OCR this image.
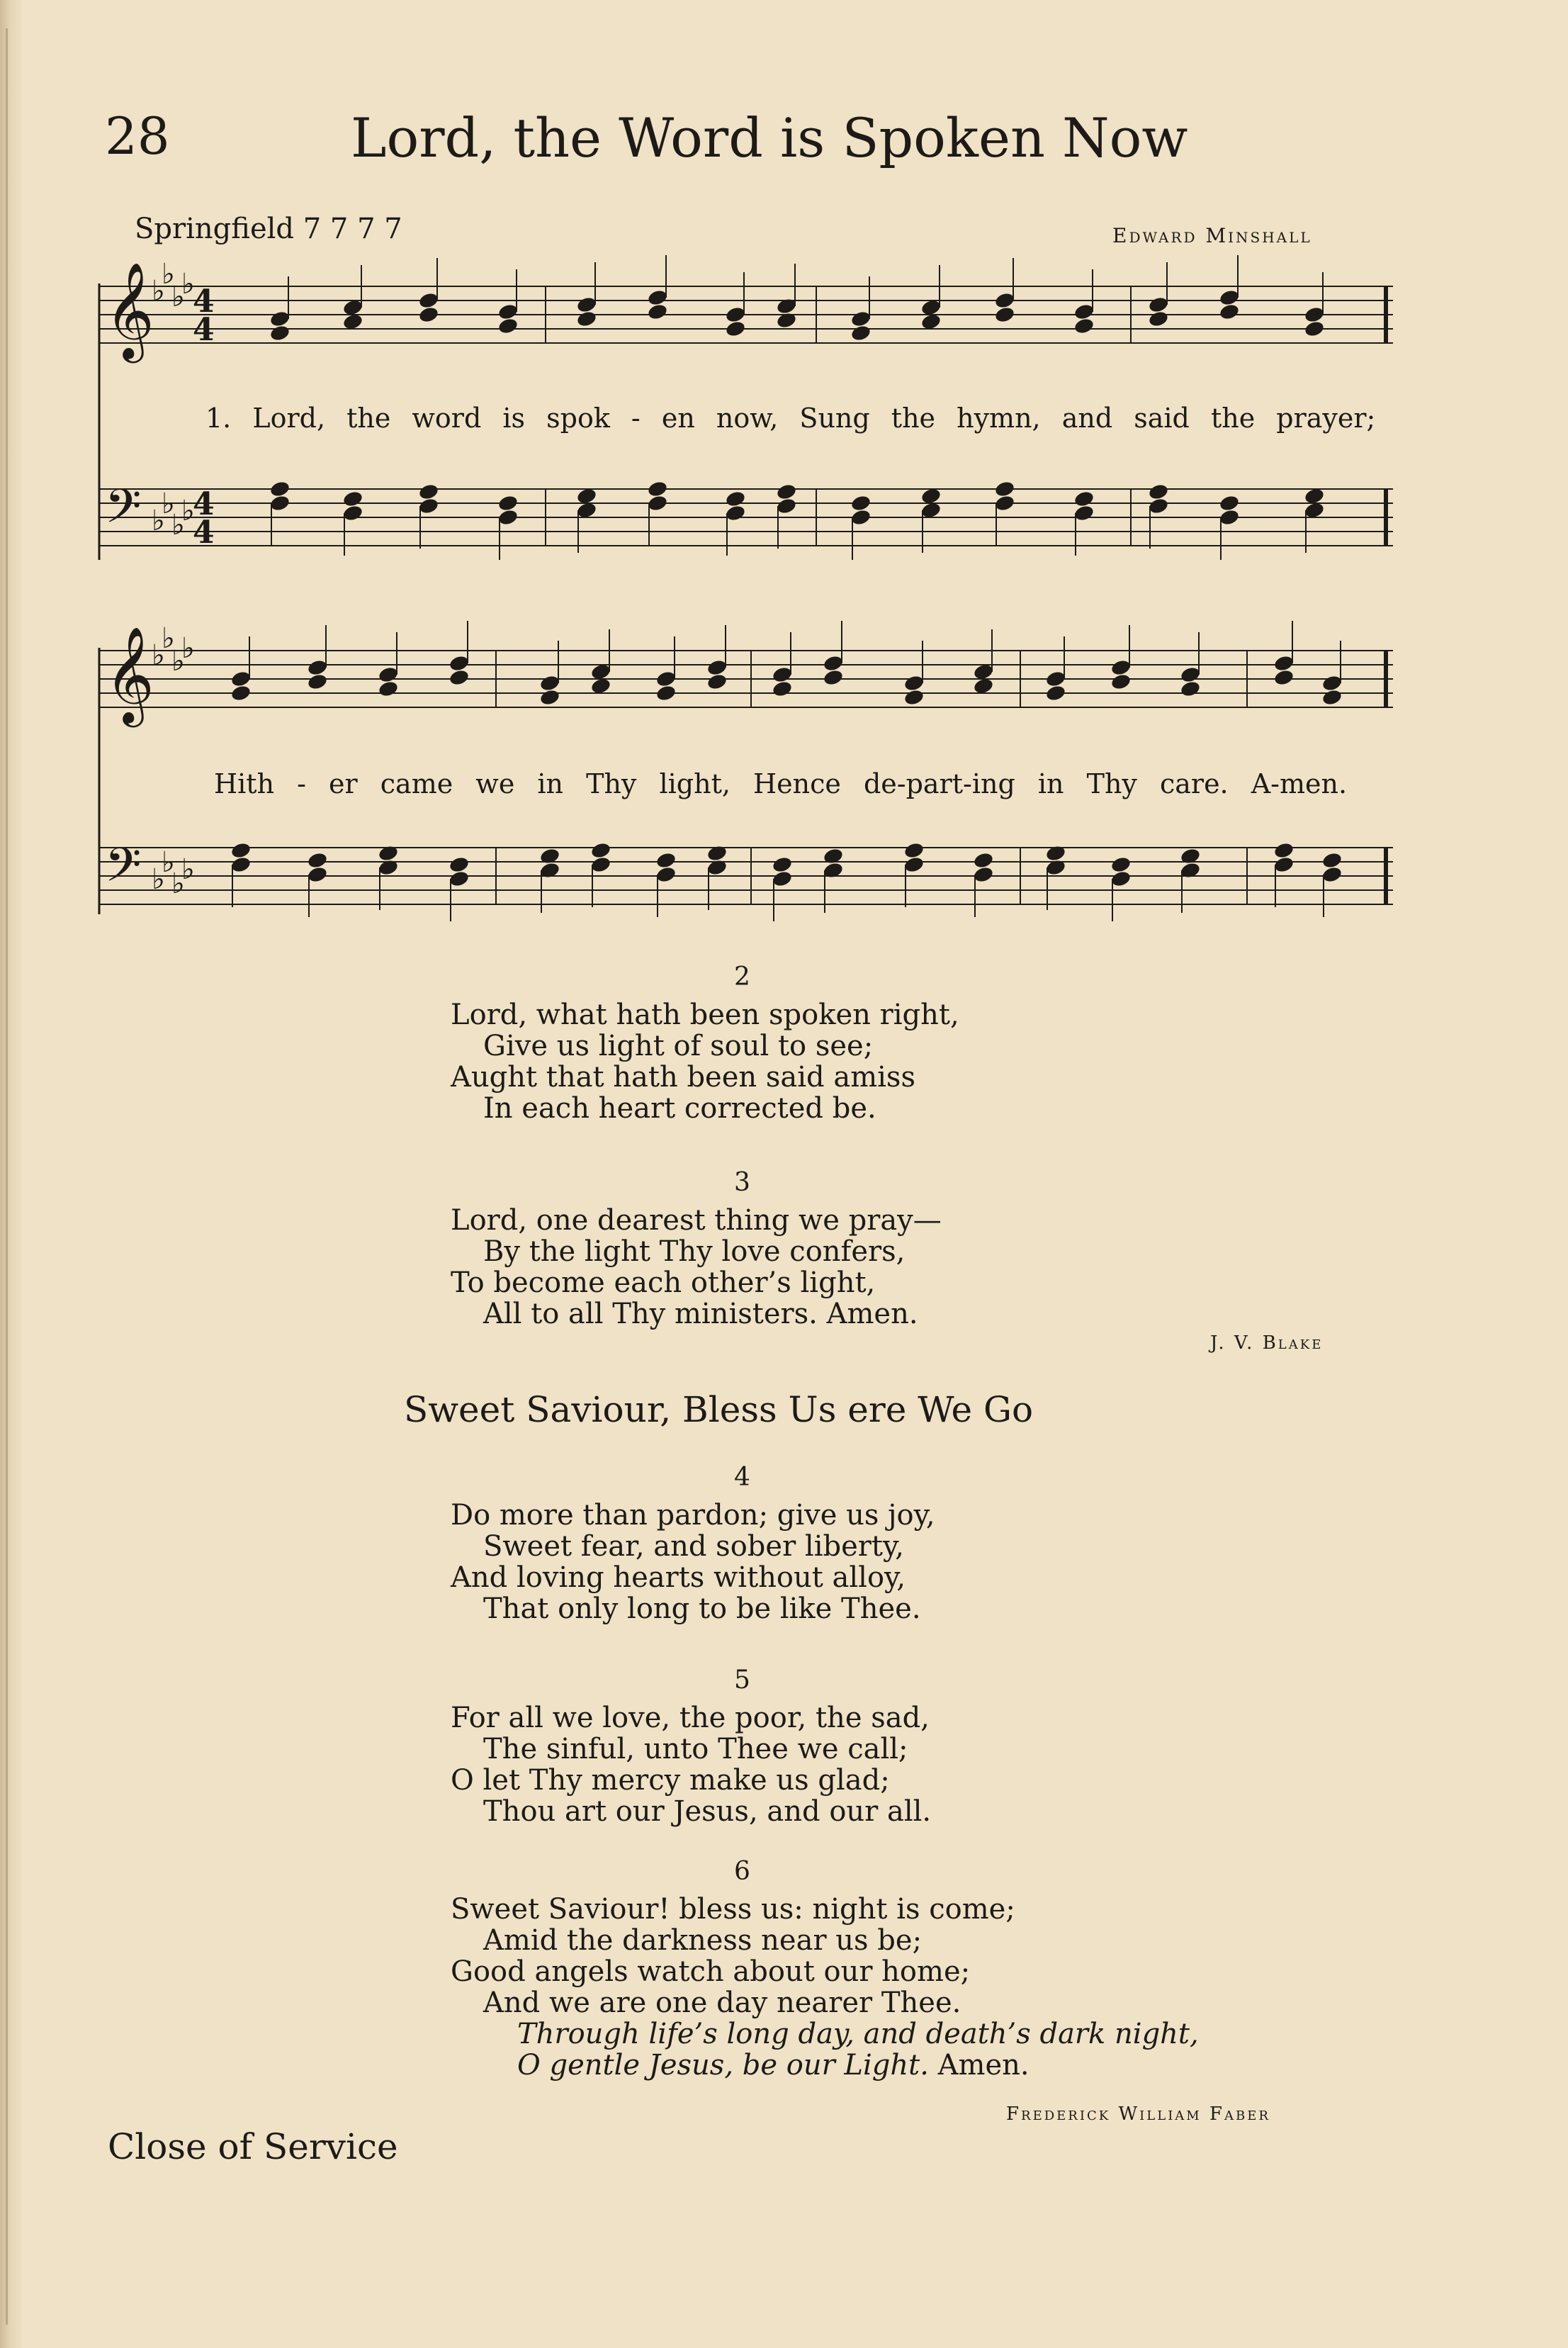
28	Lord, the Word is Spoken Now
Springfield 7 7 7 7	Edward Minshall
𝄞
♭
♭
♭
♭
4
4
𝄢 ♭
♭
♭
♭
4
4
𝄞
♭
♭
♭
♭
𝄢 ♭
♭
♭
♭
1. Lord, the word is spok - en now, Sung the hymn, and said the prayer;
Hith - er came we in Thy light, Hence de-part-ing in Thy care. A-men.
2
Lord, what hath been spoken right,
Give us light of soul to see;
Aught that hath been said amiss
In each heart corrected be.
3
Lord, one dearest thing we pray—
By the light Thy love confers,
To become each other’s light,
All to all Thy ministers. Amen.
J. V. Blake
Sweet Saviour, Bless Us ere We Go
4
Do more than pardon; give us joy,
Sweet fear, and sober liberty,
And loving hearts without alloy,
That only long to be like Thee.
5
For all we love, the poor, the sad,
The sinful, unto Thee we call;
O let Thy mercy make us glad;
Thou art our Jesus, and our all.
6
Sweet Saviour! bless us: night is come;
Amid the darkness near us be;
Good angels watch about our home;
And we are one day nearer Thee.
Through life’s long day, and death’s dark night,
O gentle Jesus, be our Light. Amen.
Frederick William Faber
Close of Service
